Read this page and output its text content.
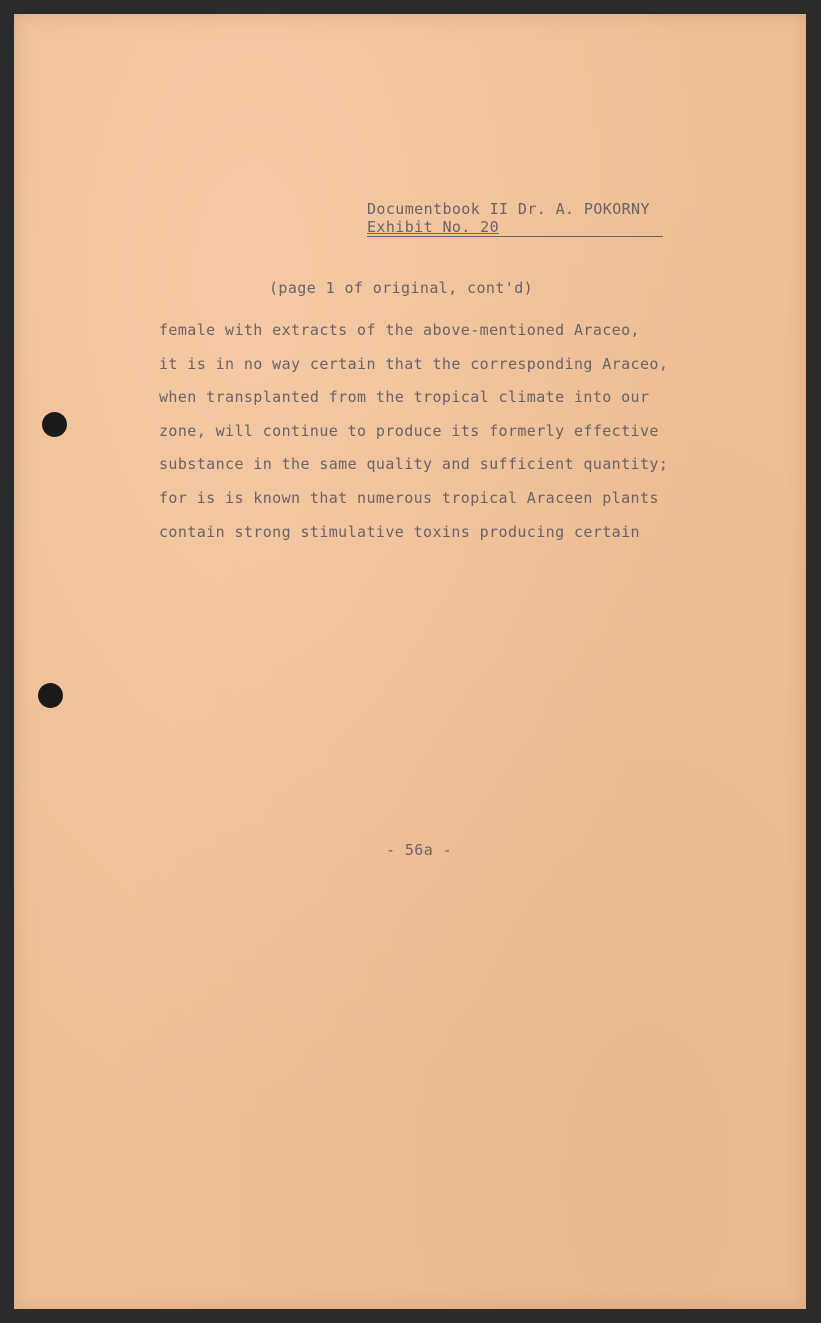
Documentbook II Dr. A. POKORNY
Exhibit No. 20
(page 1 of original, cont'd)
female with extracts of the above-mentioned Araceo,
it is in no way certain that the corresponding Araceo,
when transplanted from the tropical climate into our
zone, will continue to produce its formerly effective
substance in the same quality and sufficient quantity;
for is is known that numerous tropical Araceen plants
contain strong stimulative toxins producing certain
- 56a -
